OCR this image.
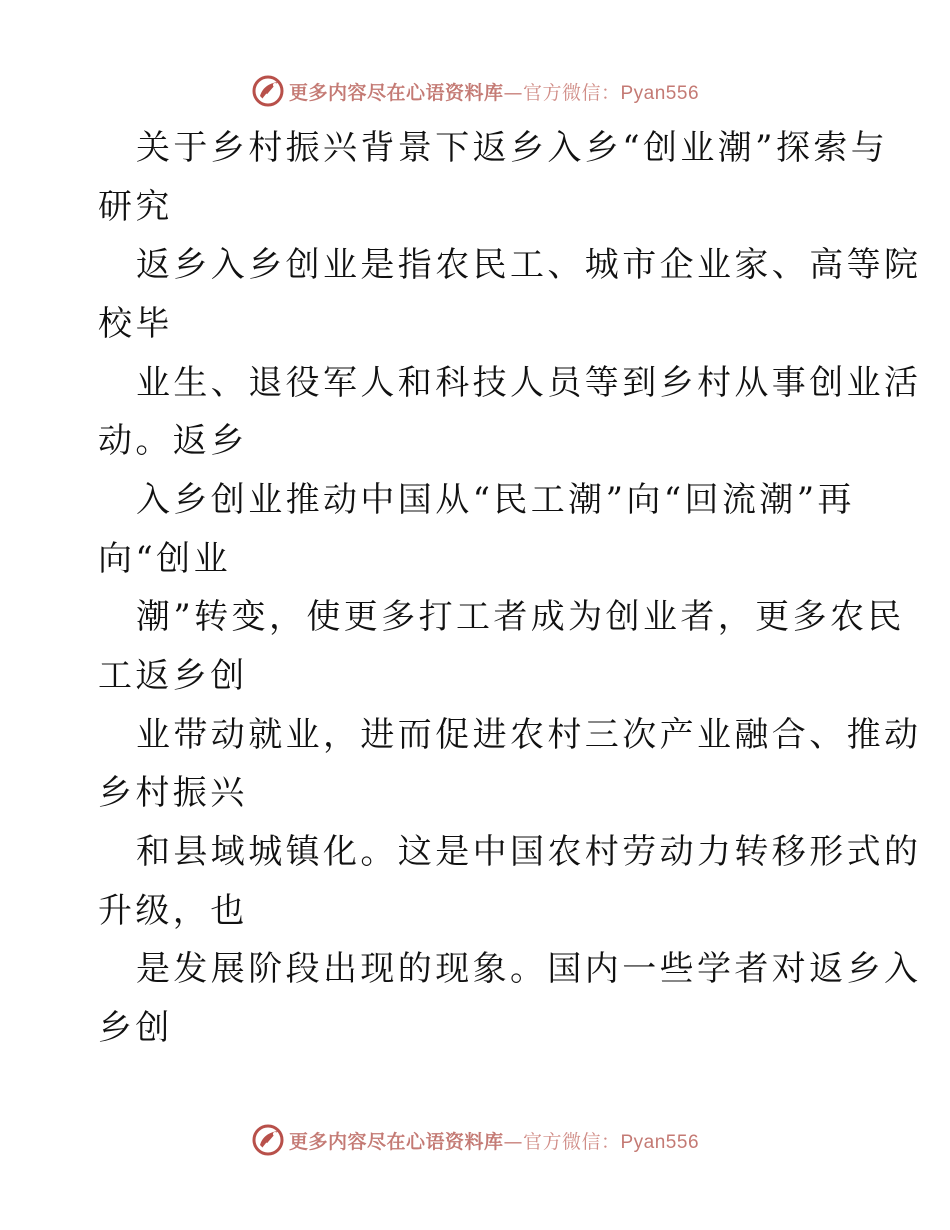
更多内容尽在心语资料库—官方微信：Pyan556
关于乡村振兴背景下返乡入乡“创业潮”探索与
研究
返乡入乡创业是指农民工、城市企业家、高等院
校毕
业生、退役军人和科技人员等到乡村从事创业活
动。返乡
入乡创业推动中国从“民工潮”向“回流潮”再
向“创业
潮”转变，使更多打工者成为创业者，更多农民
工返乡创
业带动就业，进而促进农村三次产业融合、推动
乡村振兴
和县域城镇化。这是中国农村劳动力转移形式的
升级，也
是发展阶段出现的现象。国内一些学者对返乡入
乡创
更多内容尽在心语资料库—官方微信：Pyan556
